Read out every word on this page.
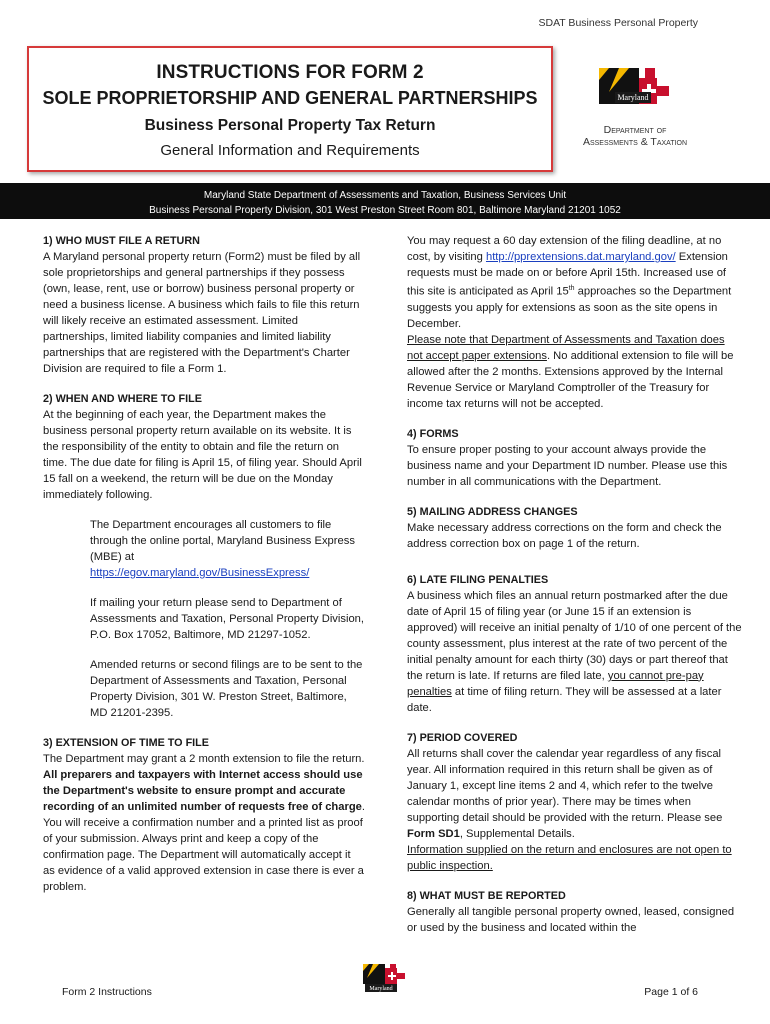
SDAT Business Personal Property
INSTRUCTIONS FOR FORM 2
SOLE PROPRIETORSHIP AND GENERAL PARTNERSHIPS
Business Personal Property Tax Return
General Information and Requirements
Maryland
Department of
Assessments & Taxation
Maryland State Department of Assessments and Taxation, Business Services Unit
Business Personal Property Division, 301 West Preston Street Room 801, Baltimore Maryland 21201 1052
1) WHO MUST FILE A RETURN

A Maryland personal property return (Form2) must be filed by all sole proprietorships and general partnerships if they possess (own, lease, rent, use or borrow) business personal property or need a business license. A business which fails to file this return will likely receive an estimated assessment. Limited partnerships, limited liability companies and limited liability partnerships that are registered with the Department's Charter Division are required to file a Form 1.

2) WHEN AND WHERE TO FILE

At the beginning of each year, the Department makes the business personal property return available on its website. It is the responsibility of the entity to obtain and file the return on time. The due date for filing is April 15, of filing year. Should April 15 fall on a weekend, the return will be due on the Monday immediately following.

The Department encourages all customers to file through the online portal, Maryland Business Express (MBE) at

https://egov.maryland.gov/BusinessExpress/

If mailing your return please send to Department of Assessments and Taxation, Personal Property Division, P.O. Box 17052, Baltimore, MD 21297-1052.

Amended returns or second filings are to be sent to the Department of Assessments and Taxation, Personal Property Division, 301 W. Preston Street, Baltimore, MD 21201-2395.

3) EXTENSION OF TIME TO FILE

The Department may grant a 2 month extension to file the return.

All preparers and taxpayers with Internet access should use the Department's website to ensure prompt and accurate recording of an unlimited number of requests free of charge.

You will receive a confirmation number and a printed list as proof of your submission. Always print and keep a copy of the confirmation page. The Department will automatically accept it as evidence of a valid approved extension in case there is ever a problem.

You may request a 60 day extension of the filing deadline, at no cost, by visiting http://pprextensions.dat.maryland.gov/ Extension requests must be made on or before April 15th. Increased use of this site is anticipated as April 15th approaches so the Department suggests you apply for extensions as soon as the site opens in December.

Please note that Department of Assessments and Taxation does not accept paper extensions. No additional extension to file will be allowed after the 2 months. Extensions approved by the Internal Revenue Service or Maryland Comptroller of the Treasury for income tax returns will not be accepted.

4) FORMS

To ensure proper posting to your account always provide the business name and your Department ID number. Please use this number in all communications with the Department.

5) MAILING ADDRESS CHANGES

Make necessary address corrections on the form and check the address correction box on page 1 of the return.

6) LATE FILING PENALTIES

A business which files an annual return postmarked after the due date of April 15 of filing year (or June 15 if an extension is approved) will receive an initial penalty of 1/10 of one percent of the county assessment, plus interest at the rate of two percent of the initial penalty amount for each thirty (30) days or part thereof that the return is late. If returns are filed late, you cannot pre-pay penalties at time of filing return. They will be assessed at a later date.

7) PERIOD COVERED

All returns shall cover the calendar year regardless of any fiscal year. All information required in this return shall be given as of January 1, except line items 2 and 4, which refer to the twelve calendar months of prior year). There may be times when supporting detail should be provided with the return. Please see Form SD1, Supplemental Details.

Information supplied on the return and enclosures are not open to public inspection.

8) WHAT MUST BE REPORTED

Generally all tangible personal property owned, leased, consigned or used by the business and located within the

Maryland
Form 2 Instructions	Page 1 of 6
